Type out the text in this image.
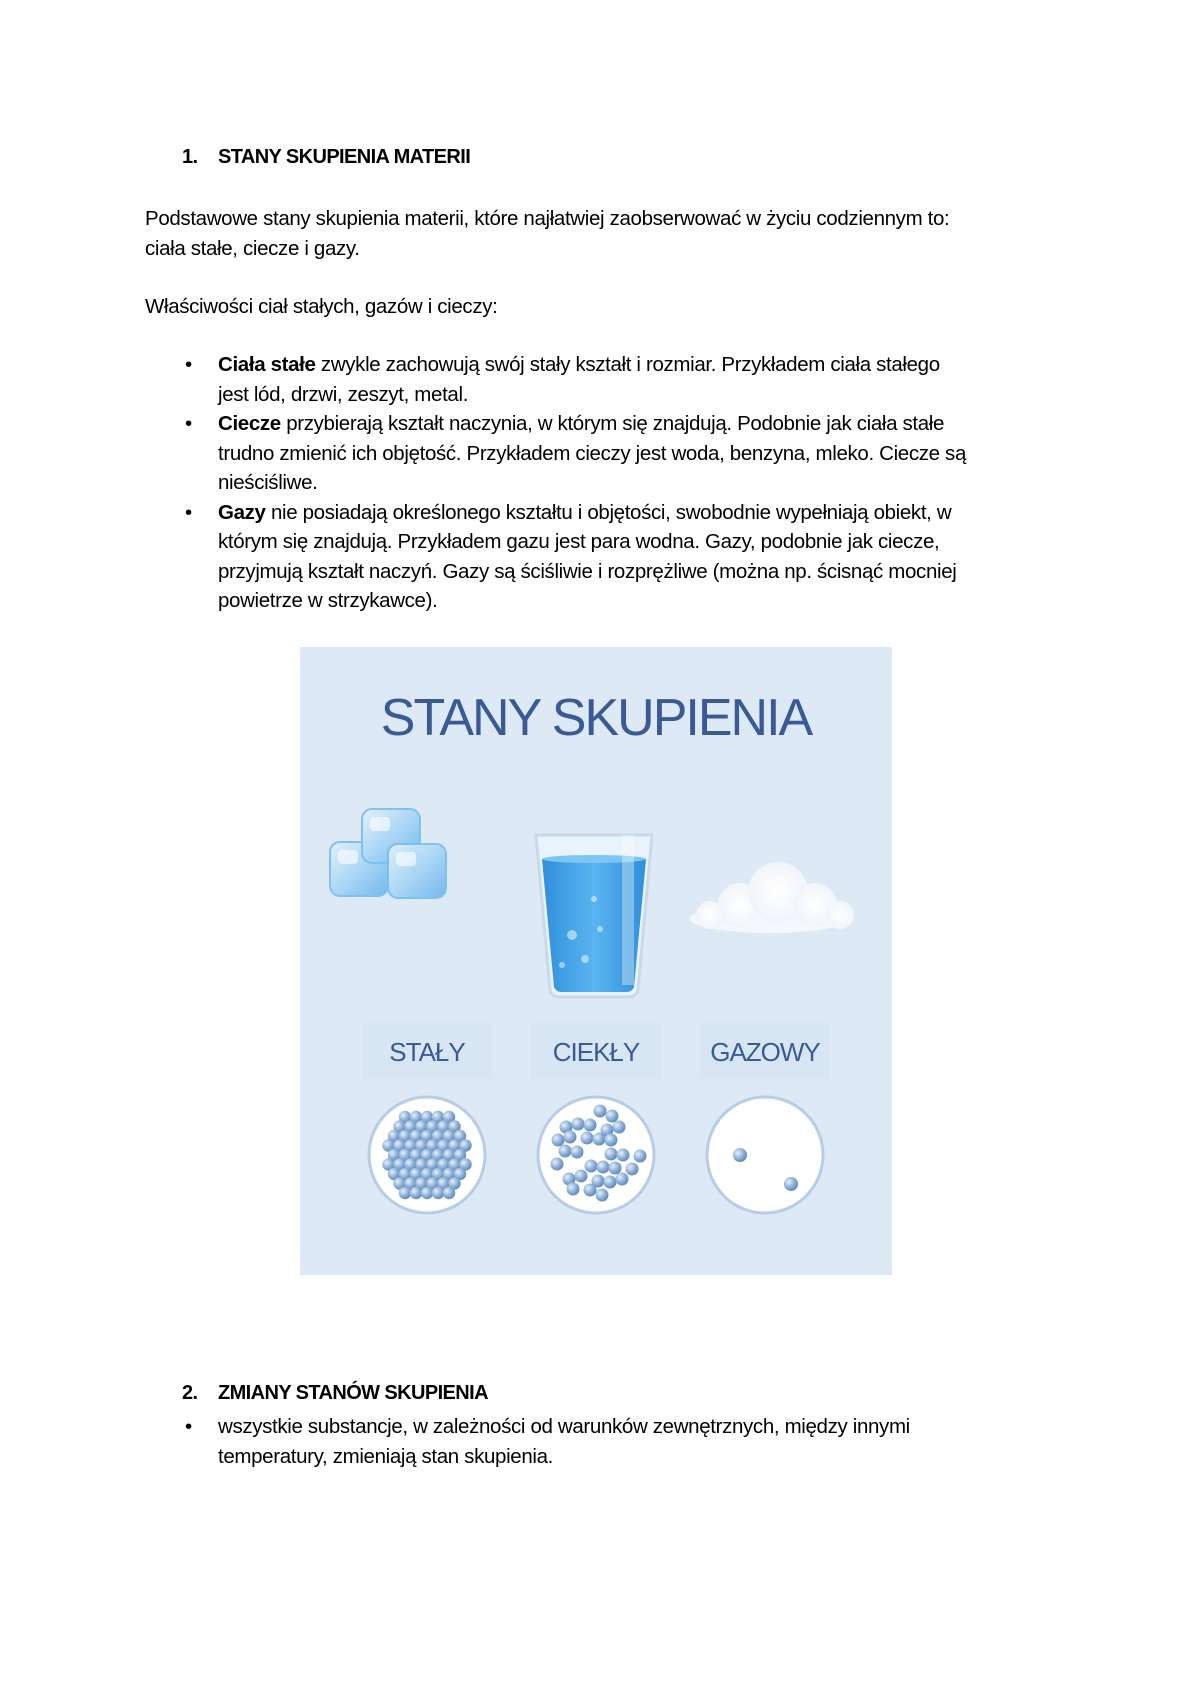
1.	STANY SKUPIENIA MATERII
Podstawowe stany skupienia materii, które najłatwiej zaobserwować w życiu codziennym to:
ciała stałe, ciecze i gazy.
Właściwości ciał stałych, gazów i cieczy:
• Ciała stałe zwykle zachowują swój stały kształt i rozmiar. Przykładem ciała stałego
jest lód, drzwi, zeszyt, metal.
• Ciecze przybierają kształt naczynia, w którym się znajdują. Podobnie jak ciała stałe
trudno zmienić ich objętość. Przykładem cieczy jest woda, benzyna, mleko. Ciecze są
nieściśliwe.
• Gazy nie posiadają określonego kształtu i objętości, swobodnie wypełniają obiekt, w
którym się znajdują. Przykładem gazu jest para wodna. Gazy, podobnie jak ciecze,
przyjmują kształt naczyń. Gazy są ściśliwie i rozprężliwe (można np. ścisnąć mocniej
powietrze w strzykawce).
STANY SKUPIENIA
STAŁY	CIEKŁY	GAZOWY
2.	ZMIANY STANÓW SKUPIENIA
• wszystkie substancje, w zależności od warunków zewnętrznych, między innymi
temperatury, zmieniają stan skupienia.
